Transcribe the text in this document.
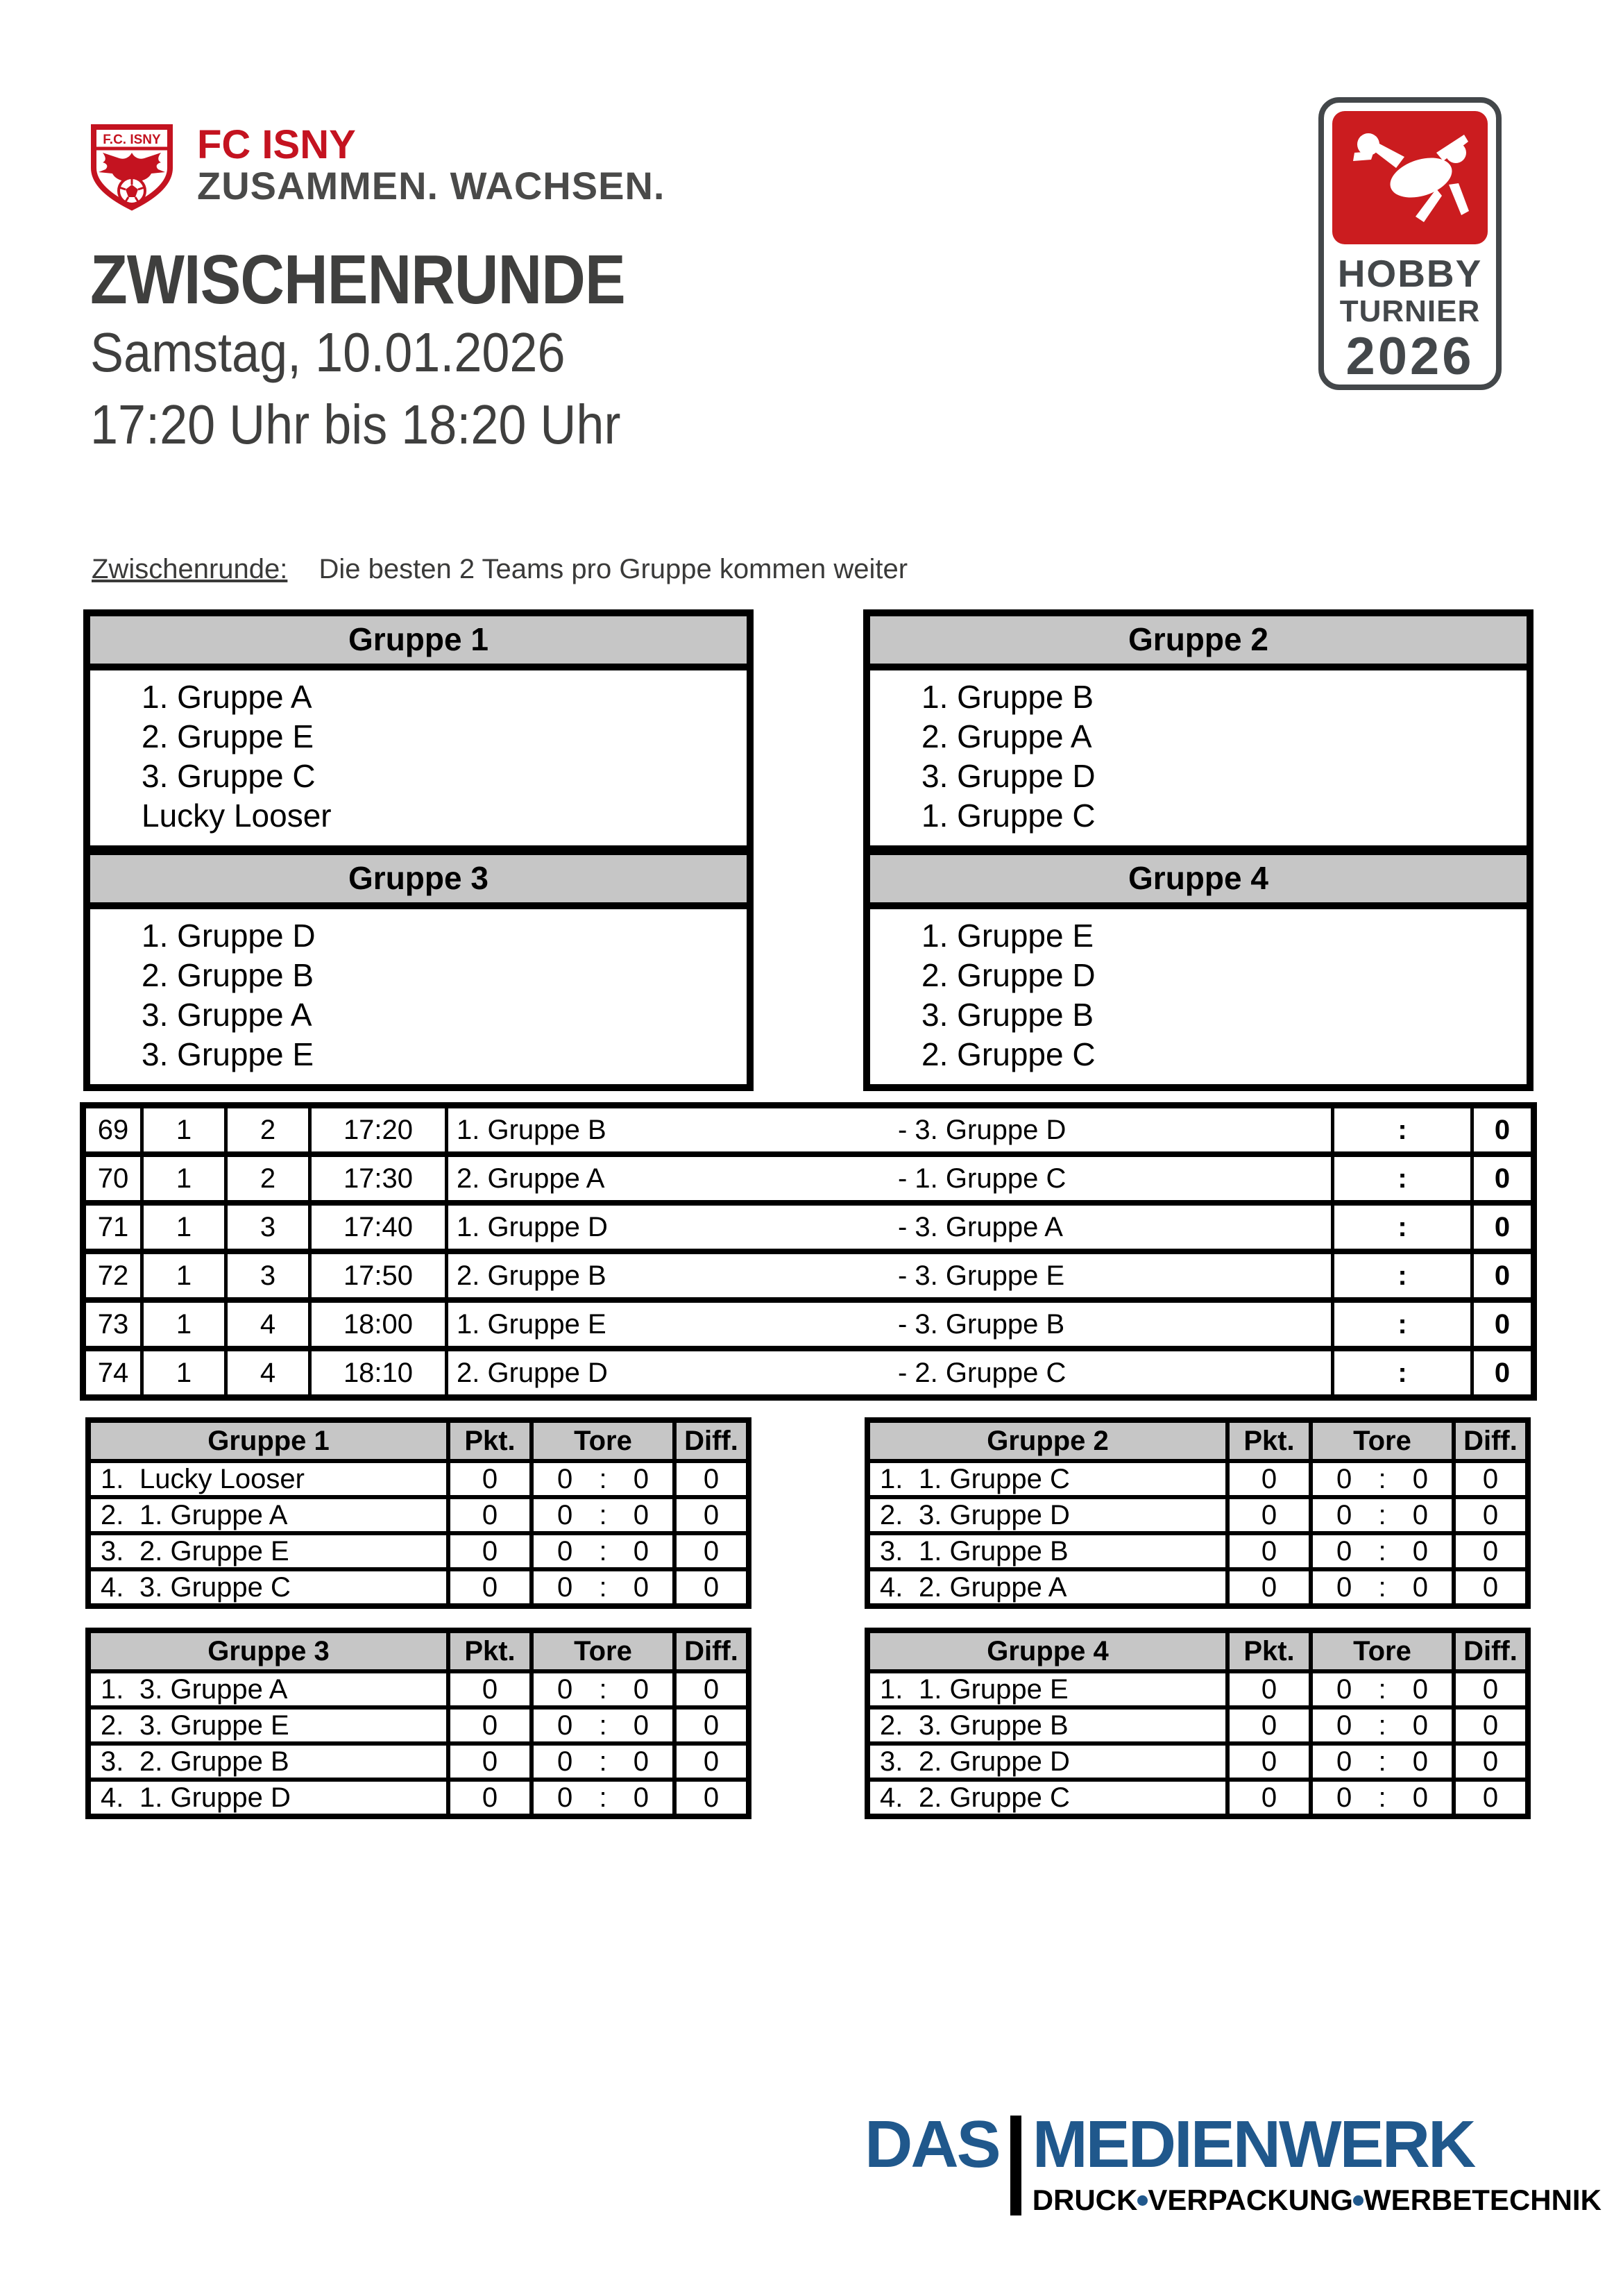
F.C. ISNY FC ISNY
ZUSAMMEN. WACHSEN.
HOBBY
TURNIER
2026
ZWISCHENRUNDE
Samstag, 10.01.2026
17:20 Uhr bis 18:20 Uhr
Zwischenrunde: Die besten 2 Teams pro Gruppe kommen weiter
Gruppe 1
1. Gruppe A
2. Gruppe E
3. Gruppe C
Lucky Looser
Gruppe 2
1. Gruppe B
2. Gruppe A
3. Gruppe D
1. Gruppe C
Gruppe 3
1. Gruppe D
2. Gruppe B
3. Gruppe A
3. Gruppe E
Gruppe 4
1. Gruppe E
2. Gruppe D
3. Gruppe B
2. Gruppe C
69	1	2	17:20	1. Gruppe B	- 3. Gruppe D	:	0
70	1	2	17:30	2. Gruppe A	- 1. Gruppe C	:	0
71	1	3	17:40	1. Gruppe D	- 3. Gruppe A	:	0
72	1	3	17:50	2. Gruppe B	- 3. Gruppe E	:	0
73	1	4	18:00	1. Gruppe E	- 3. Gruppe B	:	0
74	1	4	18:10	2. Gruppe D	- 2. Gruppe C	:	0
Gruppe 1	Pkt.	Tore	Diff.
1. Lucky Looser	0	0 : 0	0
2. 1. Gruppe A	0	0 : 0	0
3. 2. Gruppe E	0	0 : 0	0
4. 3. Gruppe C	0	0 : 0	0
Gruppe 2	Pkt.	Tore	Diff.
1. 1. Gruppe C	0	0 : 0	0
2. 3. Gruppe D	0	0 : 0	0
3. 1. Gruppe B	0	0 : 0	0
4. 2. Gruppe A	0	0 : 0	0
Gruppe 3	Pkt.	Tore	Diff.
1. 3. Gruppe A	0	0 : 0	0
2. 3. Gruppe E	0	0 : 0	0
3. 2. Gruppe B	0	0 : 0	0
4. 1. Gruppe D	0	0 : 0	0
Gruppe 4	Pkt.	Tore	Diff.
1. 1. Gruppe E	0	0 : 0	0
2. 3. Gruppe B	0	0 : 0	0
3. 2. Gruppe D	0	0 : 0	0
4. 2. Gruppe C	0	0 : 0	0
DAS MEDIENWERK
DRUCK VERPACKUNG WERBETECHNIK
